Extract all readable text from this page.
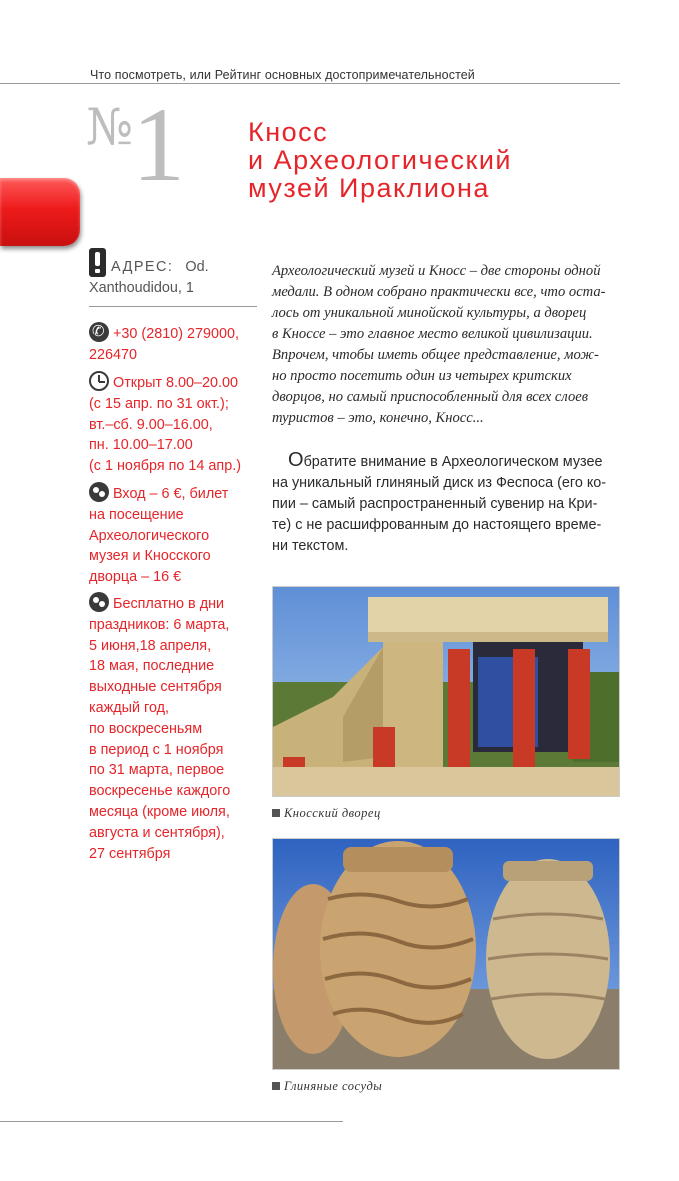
Что посмотреть, или Рейтинг основных достопримечательностей
№ 1 Кносс
и Археологический
музей Ираклиона
АДРЕС: Od.
Xanthoudidou, 1
✆+30 (2810) 279000,
226470
Открыт 8.00–20.00
(с 15 апр. по 31 окт.);
вт.–сб. 9.00–16.00,
пн. 10.00–17.00
(с 1 ноября по 14 апр.)
Вход – 6 €, билет
на посещение
Археологического
музея и Кносского
дворца – 16 €
Бесплатно в дни
праздников: 6 марта,
5 июня,18 апреля,
18 мая, последние
выходные сентября
каждый год,
по воскресеньям
в период с 1 ноября
по 31 марта, первое
воскресенье каждого
месяца (кроме июля,
августа и сентября),
27 сентября
Археологический музей и Кносс – две стороны одной
медали. В одном собрано практически все, что оста-
лось от уникальной минойской культуры, а дворец
в Кноссе – это главное место великой цивилизации.
Впрочем, чтобы иметь общее представление, мож-
но просто посетить один из четырех критских
дворцов, но самый приспособленный для всех слоев
туристов – это, конечно, Кносс...
Обратите внимание в Археологическом музее
на уникальный глиняный диск из Феспоса (его ко-
пии – самый распространенный сувенир на Кри-
те) с не расшифрованным до настоящего време-
ни текстом.
Кносский дворец
Глиняные сосуды
